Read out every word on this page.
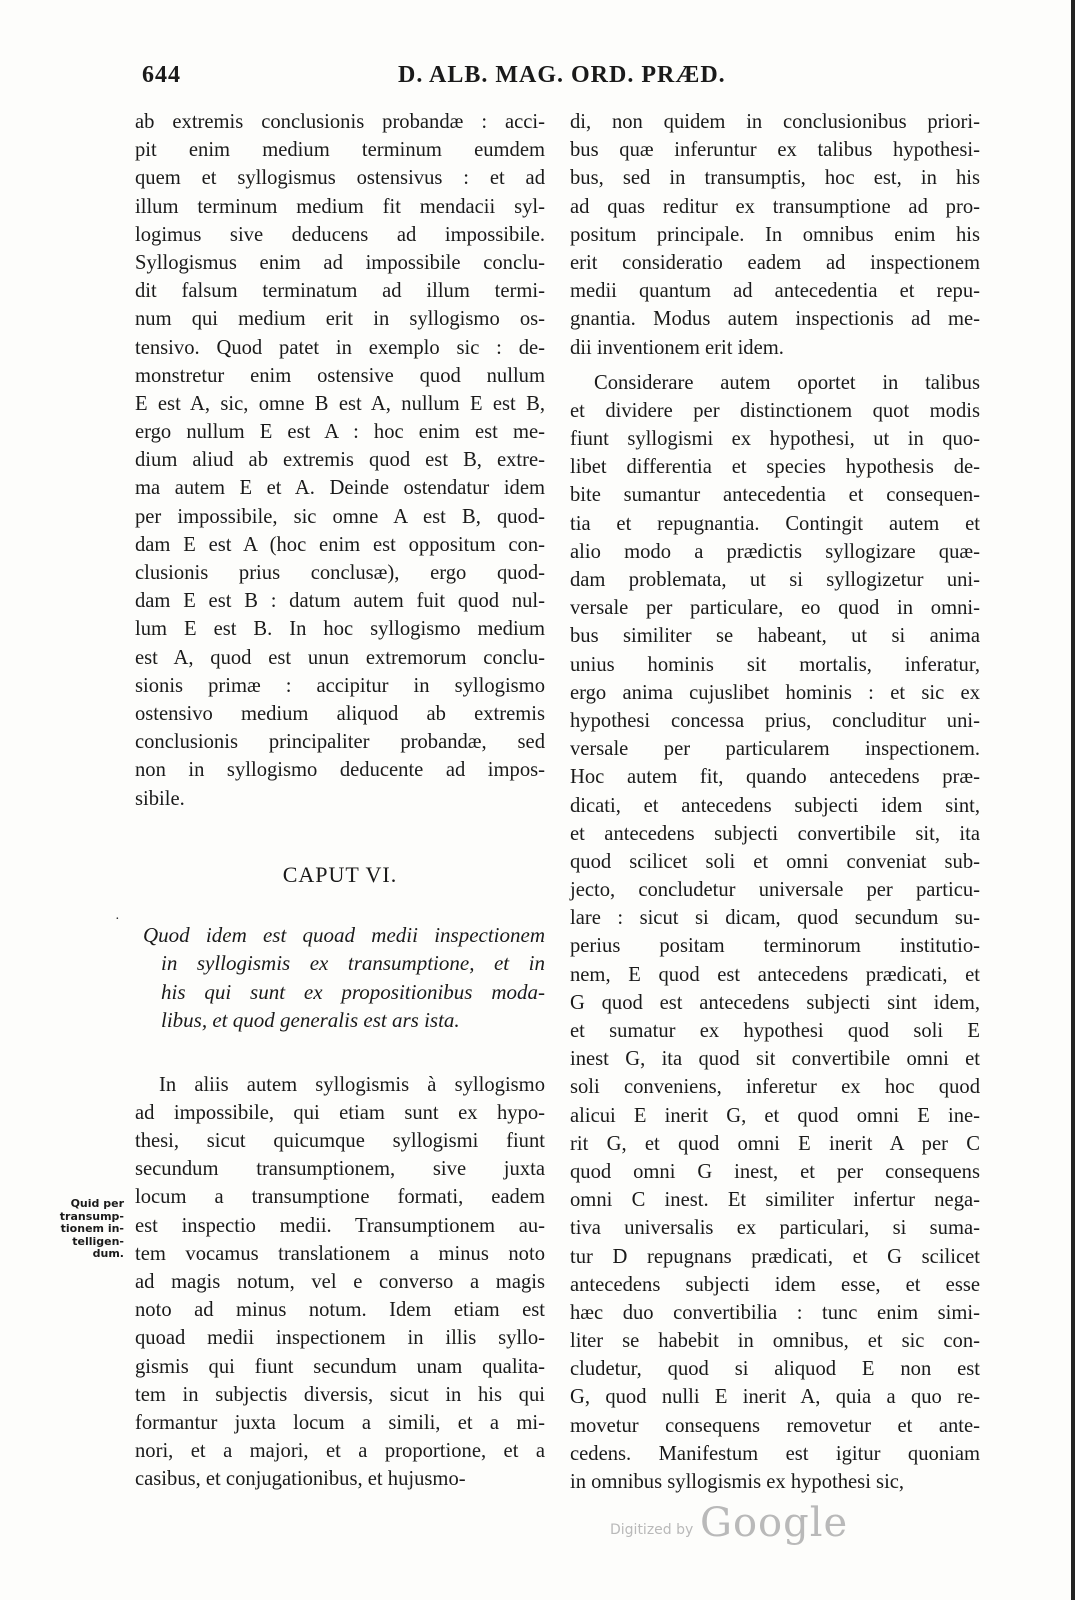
644	D. ALB. MAG. ORD. PRÆD.
ab extremis conclusionis probandæ : acci-
pit enim medium terminum eumdem
quem et syllogismus ostensivus : et ad
illum terminum medium fit mendacii syl-
logimus sive deducens ad impossibile.
Syllogismus enim ad impossibile conclu-
dit falsum terminatum ad illum termi-
num qui medium erit in syllogismo os-
tensivo. Quod patet in exemplo sic : de-
monstretur enim ostensive quod nullum
E est A, sic, omne B est A, nullum E est B,
ergo nullum E est A : hoc enim est me-
dium aliud ab extremis quod est B, extre-
ma autem E et A. Deinde ostendatur idem
per impossibile, sic omne A est B, quod-
dam E est A (hoc enim est oppositum con-
clusionis prius conclusæ), ergo quod-
dam E est B : datum autem fuit quod nul-
lum E est B. In hoc syllogismo medium
est A, quod est unun extremorum conclu-
sionis primæ : accipitur in syllogismo
ostensivo medium aliquod ab extremis
conclusionis principaliter probandæ, sed
non in syllogismo deducente ad impos-
sibile.
CAPUT VI.
Quod idem est quoad medii inspectionem
in syllogismis ex transumptione, et in
his qui sunt ex propositionibus moda-
libus, et quod generalis est ars ista.
In aliis autem syllogismis à syllogismo
ad impossibile, qui etiam sunt ex hypo-
thesi, sicut quicumque syllogismi fiunt
secundum transumptionem, sive juxta
locum a transumptione formati, eadem
est inspectio medii. Transumptionem au-
tem vocamus translationem a minus noto
ad magis notum, vel e converso a magis
noto ad minus notum. Idem etiam est
quoad medii inspectionem in illis syllo-
gismis qui fiunt secundum unam qualita-
tem in subjectis diversis, sicut in his qui
formantur juxta locum a simili, et a mi-
nori, et a majori, et a proportione, et a
casibus, et conjugationibus, et hujusmo-
·
Quid per
transump-
tionem in-
telligen-
dum.
di, non quidem in conclusionibus priori-
bus quæ inferuntur ex talibus hypothesi-
bus, sed in transumptis, hoc est, in his
ad quas reditur ex transumptione ad pro-
positum principale. In omnibus enim his
erit consideratio eadem ad inspectionem
medii quantum ad antecedentia et repu-
gnantia. Modus autem inspectionis ad me-
dii inventionem erit idem.
Considerare autem oportet in talibus
et dividere per distinctionem quot modis
fiunt syllogismi ex hypothesi, ut in quo-
libet differentia et species hypothesis de-
bite sumantur antecedentia et consequen-
tia et repugnantia. Contingit autem et
alio modo a prædictis syllogizare quæ-
dam problemata, ut si syllogizetur uni-
versale per particulare, eo quod in omni-
bus similiter se habeant, ut si anima
unius hominis sit mortalis, inferatur,
ergo anima cujuslibet hominis : et sic ex
hypothesi concessa prius, concluditur uni-
versale per particularem inspectionem.
Hoc autem fit, quando antecedens præ-
dicati, et antecedens subjecti idem sint,
et antecedens subjecti convertibile sit, ita
quod scilicet soli et omni conveniat sub-
jecto, concludetur universale per particu-
lare : sicut si dicam, quod secundum su-
perius positam terminorum institutio-
nem, E quod est antecedens prædicati, et
G quod est antecedens subjecti sint idem,
et sumatur ex hypothesi quod soli E
inest G, ita quod sit convertibile omni et
soli conveniens, inferetur ex hoc quod
alicui E inerit G, et quod omni E ine-
rit G, et quod omni E inerit A per C
quod omni G inest, et per consequens
omni C inest. Et similiter infertur nega-
tiva universalis ex particulari, si suma-
tur D repugnans prædicati, et G scilicet
antecedens subjecti idem esse, et esse
hæc duo convertibilia : tunc enim simi-
liter se habebit in omnibus, et sic con-
cludetur, quod si aliquod E non est
G, quod nulli E inerit A, quia a quo re-
movetur consequens removetur et ante-
cedens. Manifestum est igitur quoniam
in omnibus syllogismis ex hypothesi sic,
Digitized by Google
